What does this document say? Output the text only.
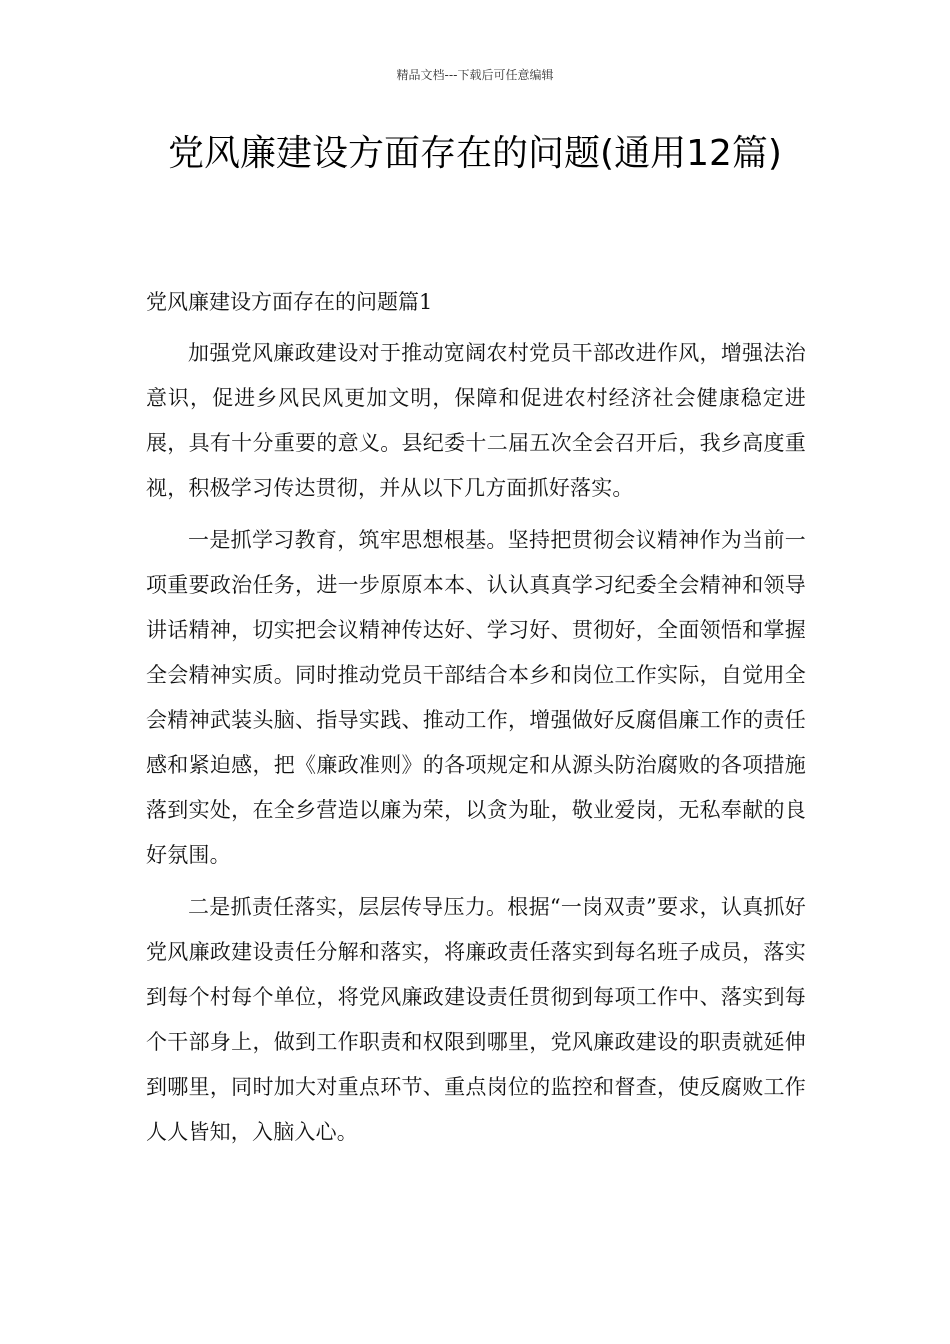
精品文档---下载后可任意编辑
党风廉建设方面存在的问题(通用12篇)
党风廉建设方面存在的问题篇1

加强党风廉政建设对于推动宽阔农村党员干部改进作风，增强法治意识，促进乡风民风更加文明，保障和促进农村经济社会健康稳定进展，具有十分重要的意义。县纪委十二届五次全会召开后，我乡高度重视，积极学习传达贯彻，并从以下几方面抓好落实。

一是抓学习教育，筑牢思想根基。坚持把贯彻会议精神作为当前一项重要政治任务，进一步原原本本、认认真真学习纪委全会精神和领导讲话精神，切实把会议精神传达好、学习好、贯彻好，全面领悟和掌握全会精神实质。同时推动党员干部结合本乡和岗位工作实际，自觉用全会精神武装头脑、指导实践、推动工作，增强做好反腐倡廉工作的责任感和紧迫感，把《廉政准则》的各项规定和从源头防治腐败的各项措施落到实处，在全乡营造以廉为荣，以贪为耻，敬业爱岗，无私奉献的良好氛围。

二是抓责任落实，层层传导压力。根据“一岗双责”要求，认真抓好党风廉政建设责任分解和落实，将廉政责任落实到每名班子成员，落实到每个村每个单位，将党风廉政建设责任贯彻到每项工作中、落实到每个干部身上，做到工作职责和权限到哪里，党风廉政建设的职责就延伸到哪里，同时加大对重点环节、重点岗位的监控和督查，使反腐败工作人人皆知，入脑入心。
